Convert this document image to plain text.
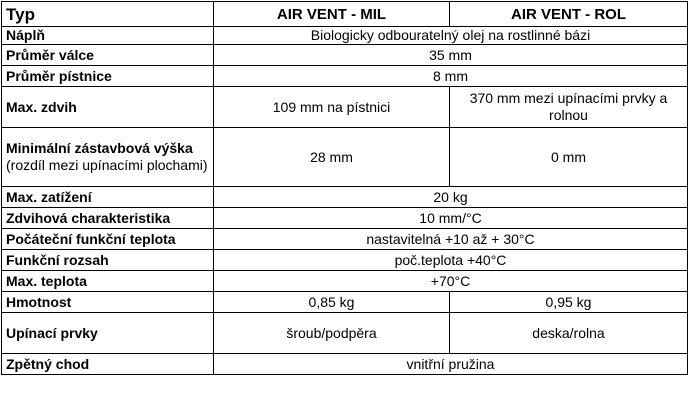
Typ	AIR VENT - MIL	AIR VENT - ROL
Náplň	Biologicky odbouratelný olej na rostlinné bázi	
Průměr válce	35 mm	
Průměr pístnice	8 mm	
Max. zdvih	109 mm na pístnici	370 mm mezi upínacími prvky a rolnou
Minimální zástavbová výška (rozdíl mezi upínacími plochami)	28 mm	0 mm
Max. zatížení	20 kg	
Zdvihová charakteristika	10 mm/°C	
Počáteční funkční teplota	nastavitelná +10 až + 30°C	
Funkční rozsah	poč.teplota +40°C	
Max. teplota	+70°C	
Hmotnost	0,85 kg	0,95 kg
Upínací prvky	šroub/podpěra	deska/rolna
Zpětný chod	vnitřní pružina	
